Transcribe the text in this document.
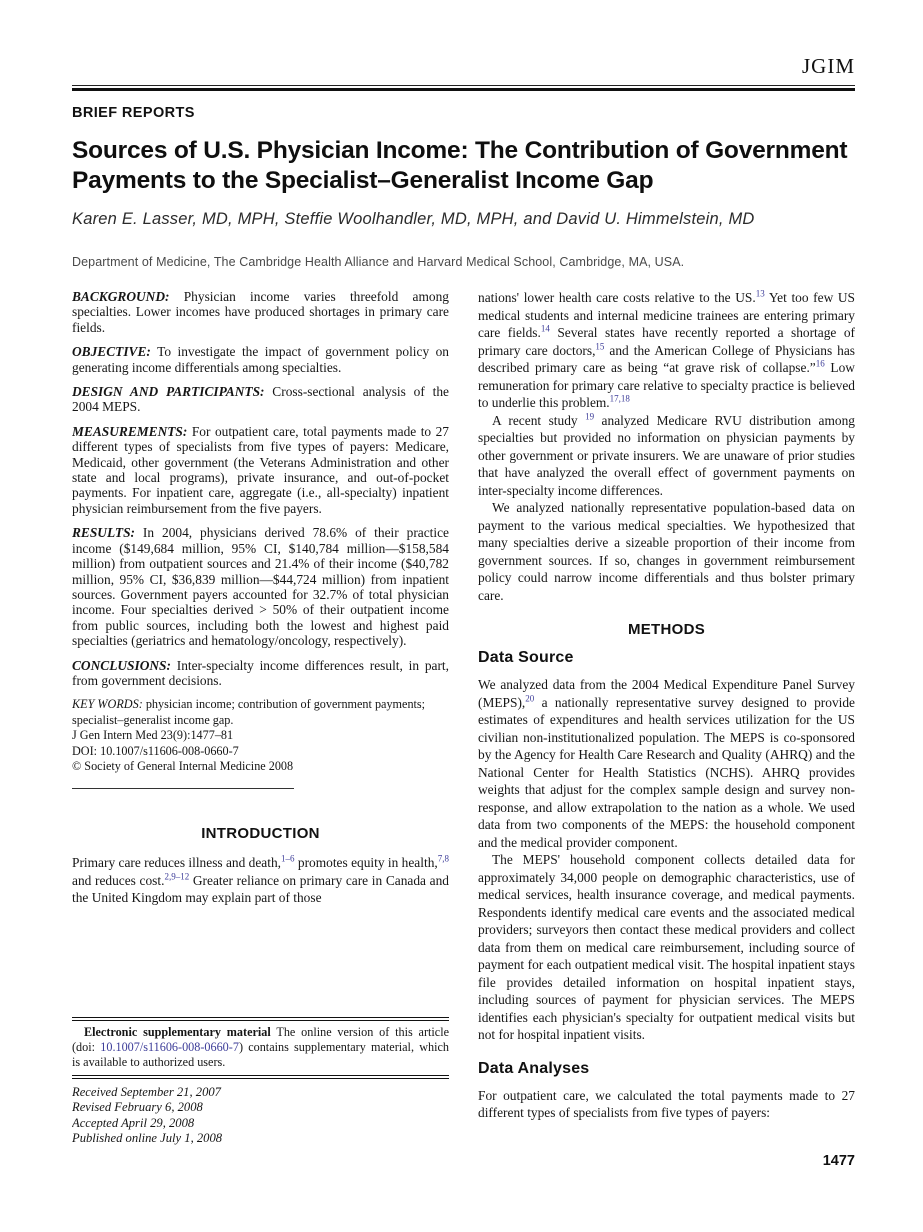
JGIM
BRIEF REPORTS
Sources of U.S. Physician Income: The Contribution of Government Payments to the Specialist–Generalist Income Gap
Karen E. Lasser, MD, MPH, Steffie Woolhandler, MD, MPH, and David U. Himmelstein, MD
Department of Medicine, The Cambridge Health Alliance and Harvard Medical School, Cambridge, MA, USA.

BACKGROUND: Physician income varies threefold among specialties. Lower incomes have produced shortages in primary care fields.

OBJECTIVE: To investigate the impact of government policy on generating income differentials among specialties.

DESIGN AND PARTICIPANTS: Cross-sectional analysis of the 2004 MEPS.

MEASUREMENTS: For outpatient care, total payments made to 27 different types of specialists from five types of payers: Medicare, Medicaid, other government (the Veterans Administration and other state and local programs), private insurance, and out-of-pocket payments. For inpatient care, aggregate (i.e., all-specialty) inpatient physician reimbursement from the five payers.

RESULTS: In 2004, physicians derived 78.6% of their practice income ($149,684 million, 95% CI, $140,784 million—$158,584 million) from outpatient sources and 21.4% of their income ($40,782 million, 95% CI, $36,839 million—$44,724 million) from inpatient sources. Government payers accounted for 32.7% of total physician income. Four specialties derived > 50% of their outpatient income from public sources, including both the lowest and highest paid specialties (geriatrics and hematology/oncology, respectively).

CONCLUSIONS: Inter-specialty income differences result, in part, from government decisions.

KEY WORDS: physician income; contribution of government payments; specialist–generalist income gap.
J Gen Intern Med 23(9):1477–81
DOI: 10.1007/s11606-008-0660-7
© Society of General Internal Medicine 2008
INTRODUCTION

Primary care reduces illness and death,$^{1-6}$ promotes equity in health,$^{7,8}$ and reduces cost.$^{2,9-12}$ Greater reliance on primary care in Canada and the United Kingdom may explain part of those

Electronic supplementary material The online version of this article (doi: 10.1007/s11606-008-0660-7) contains supplementary material, which is available to authorized users.

Received September 21, 2007
Revised February 6, 2008
Accepted April 29, 2008
Published online July 1, 2008

nations' lower health care costs relative to the US.$^{13}$ Yet too few US medical students and internal medicine trainees are entering primary care fields.$^{14}$ Several states have recently reported a shortage of primary care doctors,$^{15}$ and the American College of Physicians has described primary care as being “at grave risk of collapse.”$^{16}$ Low remuneration for primary care relative to specialty practice is believed to underlie this problem.$^{17,18}$

A recent study $^{19}$ analyzed Medicare RVU distribution among specialties but provided no information on physician payments by other government or private insurers. We are unaware of prior studies that have analyzed the overall effect of government payments on inter-specialty income differences.

We analyzed nationally representative population-based data on payment to the various medical specialties. We hypothesized that many specialties derive a sizeable proportion of their income from government sources. If so, changes in government reimbursement policy could narrow income differentials and thus bolster primary care.

METHODS
Data Source

We analyzed data from the 2004 Medical Expenditure Panel Survey (MEPS),$^{20}$ a nationally representative survey designed to provide estimates of expenditures and health services utilization for the US civilian non-institutionalized population. The MEPS is co-sponsored by the Agency for Health Care Research and Quality (AHRQ) and the National Center for Health Statistics (NCHS). AHRQ provides weights that adjust for the complex sample design and survey non-response, and allow extrapolation to the nation as a whole. We used data from two components of the MEPS: the household component and the medical provider component.

The MEPS' household component collects detailed data for approximately 34,000 people on demographic characteristics, use of medical services, health insurance coverage, and medical payments. Respondents identify medical care events and the associated medical providers; surveyors then contact these medical providers and collect data from them on medical care reimbursement, including source of payment for each outpatient medical visit. The hospital inpatient stays file provides detailed information on hospital inpatient stays, including sources of payment for physician services. The MEPS identifies each physician's specialty for outpatient medical visits but not for hospital inpatient visits.

Data Analyses

For outpatient care, we calculated the total payments made to 27 different types of specialists from five types of payers:

1477
